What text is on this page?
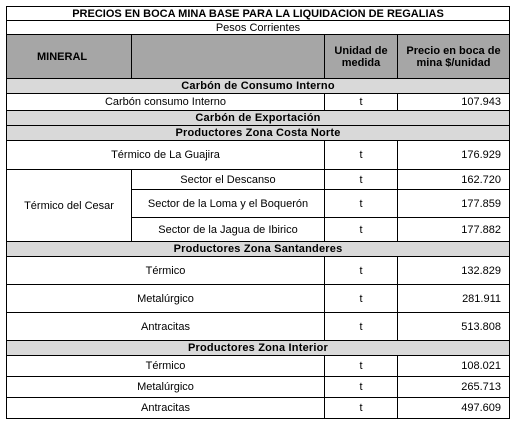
PRECIOS EN BOCA MINA BASE PARA LA LIQUIDACION DE REGALIAS			
Pesos Corrientes			
MINERAL		Unidad de medida	Precio en boca de mina $/unidad
Carbón de Consumo Interno			
Carbón consumo Interno		t	107.943
Carbón de Exportación			
Productores Zona Costa Norte			
Térmico de La Guajira		t	176.929
Térmico del Cesar	Sector el Descanso	t	162.720
	Sector de la Loma y el Boquerón	t	177.859
	Sector de la Jagua de Ibirico	t	177.882
Productores Zona Santanderes			
Térmico		t	132.829
Metalúrgico		t	281.911
Antracitas		t	513.808
Productores Zona Interior			
Térmico		t	108.021
Metalúrgico		t	265.713
Antracitas		t	497.609
